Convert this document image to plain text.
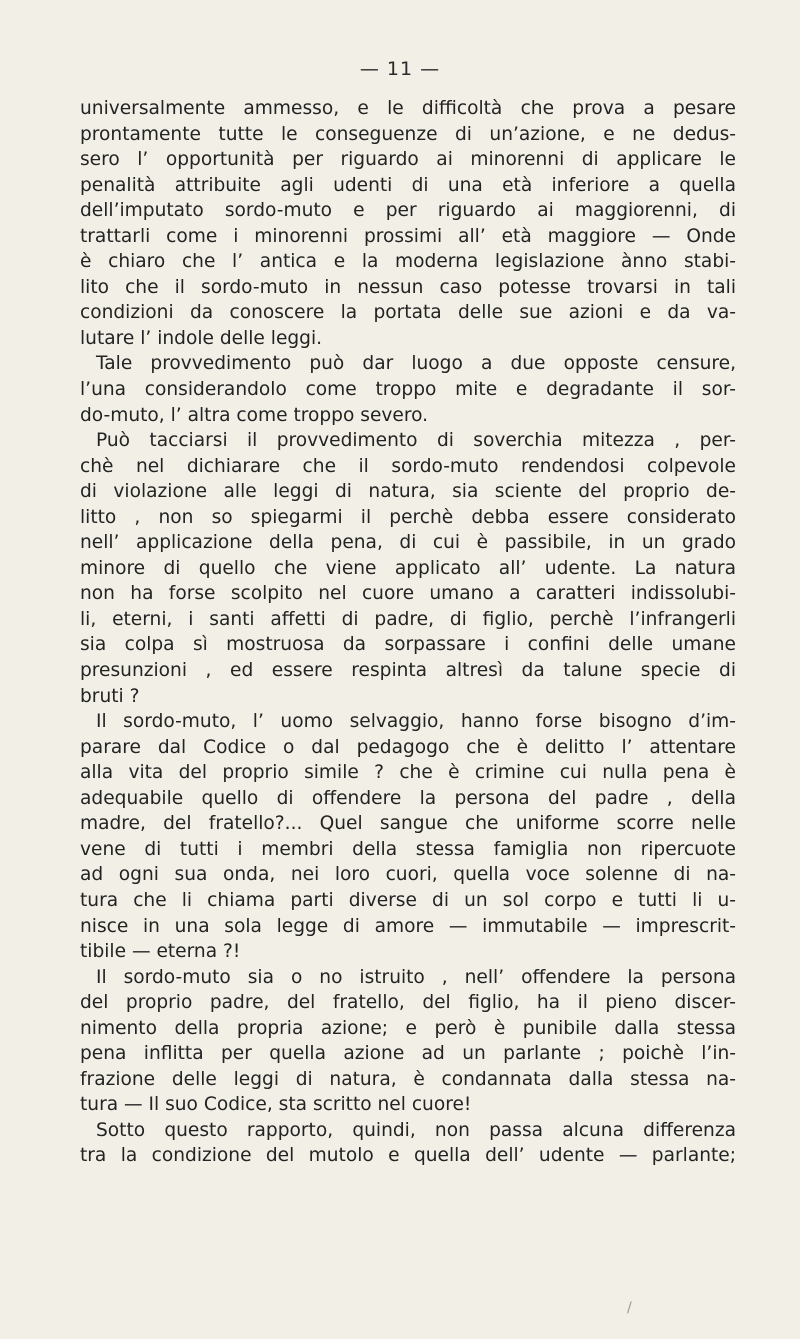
— 11 —
universalmente ammesso, e le difficoltà che prova a pesare
prontamente tutte le conseguenze di un’azione, e ne dedus-
sero l’ opportunità per riguardo ai minorenni di applicare le
penalità attribuite agli udenti di una età inferiore a quella
dell’imputato sordo-muto e per riguardo ai maggiorenni, di
trattarli come i minorenni prossimi all’ età maggiore — Onde
è chiaro che l’ antica e la moderna legislazione ànno stabi-
lito che il sordo-muto in nessun caso potesse trovarsi in tali
condizioni da conoscere la portata delle sue azioni e da va-
lutare l’ indole delle leggi.
Tale provvedimento può dar luogo a due opposte censure,
l’una considerandolo come troppo mite e degradante il sor-
do-muto, l’ altra come troppo severo.
Può tacciarsi il provvedimento di soverchia mitezza , per-
chè nel dichiarare che il sordo-muto rendendosi colpevole
di violazione alle leggi di natura, sia sciente del proprio de-
litto , non so spiegarmi il perchè debba essere considerato
nell’ applicazione della pena, di cui è passibile, in un grado
minore di quello che viene applicato all’ udente. La natura
non ha forse scolpito nel cuore umano a caratteri indissolubi-
li, eterni, i santi affetti di padre, di figlio, perchè l’infrangerli
sia colpa sì mostruosa da sorpassare i confini delle umane
presunzioni , ed essere respinta altresì da talune specie di
bruti ?
Il sordo-muto, l’ uomo selvaggio, hanno forse bisogno d’im-
parare dal Codice o dal pedagogo che è delitto l’ attentare
alla vita del proprio simile ? che è crimine cui nulla pena è
adequabile quello di offendere la persona del padre , della
madre, del fratello?... Quel sangue che uniforme scorre nelle
vene di tutti i membri della stessa famiglia non ripercuote
ad ogni sua onda, nei loro cuori, quella voce solenne di na-
tura che li chiama parti diverse di un sol corpo e tutti li u-
nisce in una sola legge di amore — immutabile — imprescrit-
tibile — eterna ?!
Il sordo-muto sia o no istruito , nell’ offendere la persona
del proprio padre, del fratello, del figlio, ha il pieno discer-
nimento della propria azione; e però è punibile dalla stessa
pena inflitta per quella azione ad un parlante ; poichè l’in-
frazione delle leggi di natura, è condannata dalla stessa na-
tura — Il suo Codice, sta scritto nel cuore!
Sotto questo rapporto, quindi, non passa alcuna differenza
tra la condizione del mutolo e quella dell’ udente — parlante;
/
